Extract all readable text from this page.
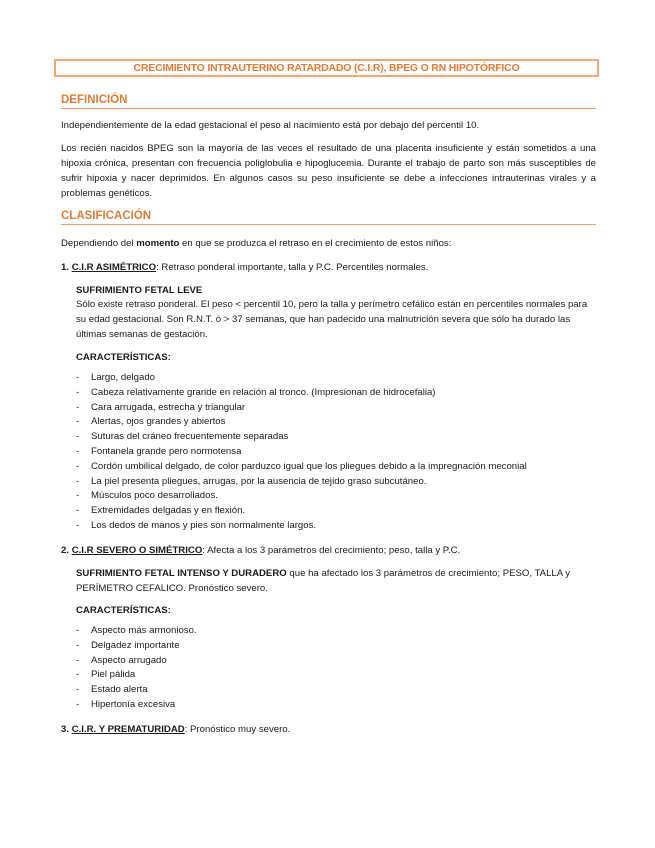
CRECIMIENTO INTRAUTERINO RATARDADO (C.I.R), BPEG O RN HIPOTÓRFICO
DEFINICIÓN
Independientemente de la edad gestacional el peso al nacimiento está por debajo del percentil 10.
Los recién nacidos BPEG son la mayoría de las veces el resultado de una placenta insuficiente y están sometidos a una hipoxia crónica, presentan con frecuencia poliglobulia e hipoglucemia. Durante el trabajo de parto son más susceptibles de sufrir hipoxia y nacer deprimidos. En algunos casos su peso insuficiente se debe a infecciones intrauterinas virales y a problemas genéticos.
CLASIFICACIÓN
Dependiendo del momento en que se produzca el retraso en el crecimiento de estos niños:
1. C.I.R ASIMÉTRICO: Retraso ponderal importante, talla y P.C. Percentiles normales.
SUFRIMIENTO FETAL LEVE
Sólo existe retraso ponderal. El peso < percentil 10, pero la talla y perímetro cefálico están en percentiles normales para su edad gestacional. Son R.N.T. ó > 37 semanas, que han padecido una malnutrición severa que sólo ha durado las últimas semanas de gestación.
CARACTERÍSTICAS:
- Largo, delgado
- Cabeza relativamente grande en relación al tronco. (Impresionan de hidrocefalia)
- Cara arrugada, estrecha y triangular
- Alertas, ojos grandes y abiertos
- Suturas del cráneo frecuentemente separadas
- Fontanela grande pero normotensa
- Cordón umbilical delgado, de color parduzco igual que los pliegues debido a la impregnación meconial
- La piel presenta pliegues, arrugas, por la ausencia de tejido graso subcutáneo.
- Músculos poco desarrollados.
- Extremidades delgadas y en flexión.
- Los dedos de manos y pies son normalmente largos.
2. C.I.R SEVERO O SIMÉTRICO: Afecta a los 3 parámetros del crecimiento; peso, talla y P.C.
SUFRIMIENTO FETAL INTENSO Y DURADERO que ha afectado los 3 parámetros de crecimiento; PESO, TALLA y PERÍMETRO CEFALICO. Pronóstico severo.
CARACTERÍSTICAS:
- Aspecto más armonioso.
- Delgadez importante
- Aspecto arrugado
- Piel pálida
- Estado alerta
- Hipertonía excesiva
3. C.I.R. Y PREMATURIDAD: Pronóstico muy severo.
